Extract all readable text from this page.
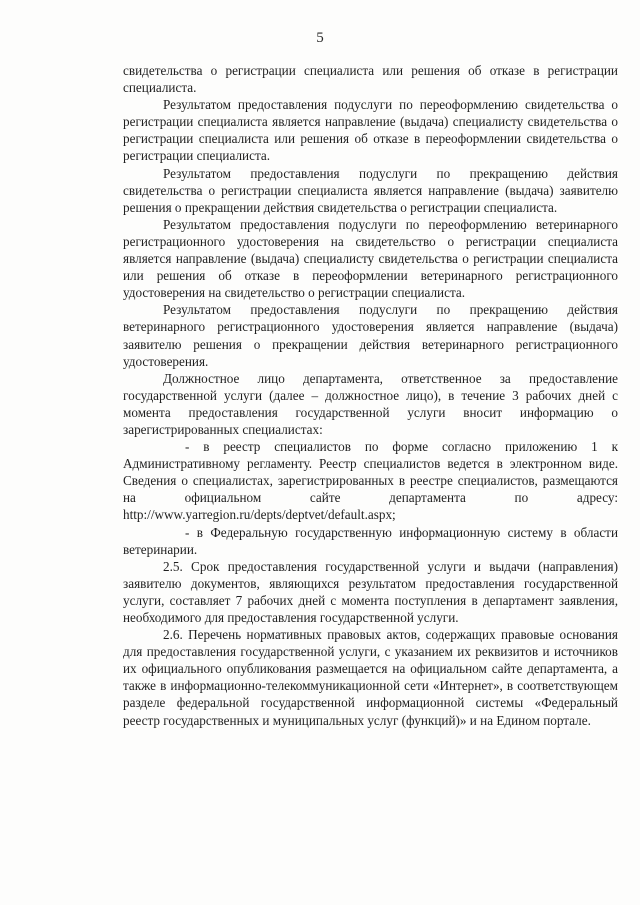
5

свидетельства о регистрации специалиста или решения об отказе в регистрации специалиста.

Результатом предоставления подуслуги по переоформлению свидетельства о регистрации специалиста является направление (выдача) специалисту свидетельства о регистрации специалиста или решения об отказе в переоформлении свидетельства о регистрации специалиста.

Результатом предоставления подуслуги по прекращению действия свидетельства о регистрации специалиста является направление (выдача) заявителю решения о прекращении действия свидетельства о регистрации специалиста.

Результатом предоставления подуслуги по переоформлению ветеринарного регистрационного удостоверения на свидетельство о регистрации специалиста является направление (выдача) специалисту свидетельства о регистрации специалиста или решения об отказе в переоформлении ветеринарного регистрационного удостоверения на свидетельство о регистрации специалиста.

Результатом предоставления подуслуги по прекращению действия ветеринарного регистрационного удостоверения является направление (выдача) заявителю решения о прекращении действия ветеринарного регистрационного удостоверения.

Должностное лицо департамента, ответственное за предоставление государственной услуги (далее – должностное лицо), в течение 3 рабочих дней с момента предоставления государственной услуги вносит информацию о зарегистрированных специалистах:

- в реестр специалистов по форме согласно приложению 1 к Административному регламенту. Реестр специалистов ведется в электронном виде. Сведения о специалистах, зарегистрированных в реестре специалистов, размещаются на официальном сайте департамента по адресу: http://www.yarregion.ru/depts/deptvet/default.aspx;

- в Федеральную государственную информационную систему в области ветеринарии.

2.5. Срок предоставления государственной услуги и выдачи (направления) заявителю документов, являющихся результатом предоставления государственной услуги, составляет 7 рабочих дней с момента поступления в департамент заявления, необходимого для предоставления государственной услуги.

2.6. Перечень нормативных правовых актов, содержащих правовые основания для предоставления государственной услуги, с указанием их реквизитов и источников их официального опубликования размещается на официальном сайте департамента, а также в информационно-телекоммуникационной сети «Интернет», в соответствующем разделе федеральной государственной информационной системы «Федеральный реестр государственных и муниципальных услуг (функций)» и на Едином портале.
